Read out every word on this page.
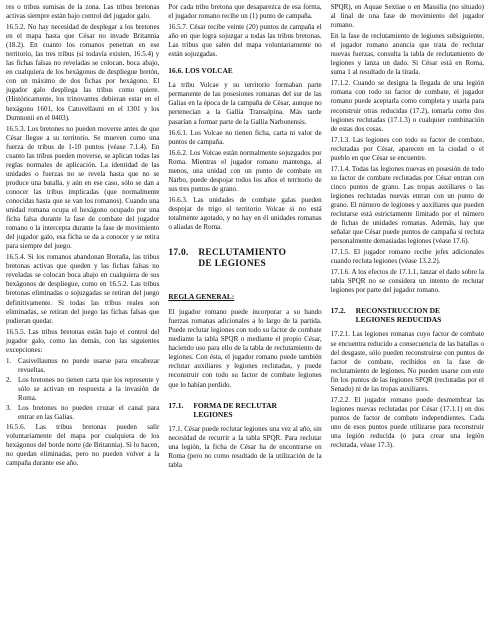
res o tribus sumisas de la zona. Las tribus bretonas activas siempre están bajo control del jugador galo.

16.5.2. No hay necesidad de desplegar a los bretones en el mapa hasta que César no invade Britannia (18.2). En cuanto los romanos penetran en ese territorio, las tres tribus (si todavía existen, 16.5.4) y las fichas falsas no reveladas se colocan, boca abajo, en cualquiera de los hexágonos de despliegue bretón, con un máximo de dos fichas por hexágono. El jugador galo despliega las tribus como quiere. (Históricamente, los trinovantes debieran estar en el hexágono 1601, los Catuvellauni en el 1301 y los Dumnonii en el 0403).

16.5.3. Los bretones no pueden moverse antes de que César llegue a su territorio. Se mueven como una fuerza de tribus de 1-10 puntos (véase 7.1.4). En cuanto las tribus pueden moverse, se aplican todas las reglas normales de aplicación. La identidad de las unidades o fuerzas no se revela hasta que no se produce una batalla, y aún en ese caso, sólo se dan a conocer las tribus implicadas (que normalmente conocidas hasta que se van los romanos). Cuando una unidad romana ocupa el hexágono ocupado por una ficha falsa durante la fase de combate del jugador romano o la intercepta durante la fase de movimiento del jugador galo, esa ficha se da a conocer y se retira para siempre del juego.

16.5.4. Si los romanos abandonan Bretaña, las tribus bretonas activas que queden y las fichas falsas no reveladas se colocan boca abajo en cualquiera de sus hexágonos de despliegue, como en 16.5.2. Las tribus bretonas eliminadas o sojuzgadas se retiran del juego definitivamente. Si todas las tribus reales son eliminadas, se retiran del juego las fichas falsas que pudieran quedar.

16.5.5. Las tribus bretonas están bajo el control del jugador galo, como las demás, con las siguientes excepciones:

1. Casivellaunus no puede usarse para encabezar revueltas.
2. Los bretones no tienen carta que los represente y sólo se activan en respuesta a la invasión de Roma.
3. Los bretones no pueden cruzar el canal para entrar en las Galias.

16.5.6. Las tribus bretonas pueden salir voluntariamente del mapa por cualquiera de los hexágonos del borde norte (de Britannia). Si lo hacen, no quedan eliminadas, pero no pueden volver a la campaña durante ese año.

Por cada tribu bretona que desaparezca de esa forma, el jugador romano recibe un (1) punto de campaña.

16.5.7. César recibe veinte (20) puntos de campaña el año en que logra sojuzgar a todas las tribus bretonas. Las tribus que salen del mapa voluntariamente no están sojuzgadas.

16.6. LOS VOLCAE

La tribu Volcae y su territorio formaban parte permanente de las posesiones romanas del sur de las Galias en la época de la campaña de César, aunque no pertenecían a la Gallia Transalpina. Más tarde pasarían a formar parte de la Gallia Narbonensis.

16.6.1. Los Volcae no tienen ficha, carta ni valor de puntos de campaña.

16.6.2. Los Volcae están normalmente sojuzgados por Roma. Mientras el jugador romano mantenga, al menos, una unidad con un punto de combate en Narbo, puede despojar todos los años el territorio de sus tres puntos de grano.

16.6.3. Las unidades de combate galas pueden despojar de trigo el territorio Volcae si no está totalmente agotado, y no hay en él unidades romanas o aliadas de Roma.

17.0. RECLUTAMIENTO
DE LEGIONES
REGLA GENERAL:

El jugador romano puede incorporar a su bando fuerzas romanas adicionales a lo largo de la partida. Puede reclutar legiones con todo su factor de combate mediante la tabla SPQR o mediante el propio César, haciendo uso para ello de la tabla de reclutamiento de legiones. Con ésta, el jugador romano puede también reclutar auxiliares y legiones reclutadas, y puede reconstruir con todo su factor de combate legiones que lo habían perdido.

17.1. FORMA DE RECLUTAR
LEGIONES

17.1. César puede reclutar legiones una vez al año, sin necesidad de recurrir a la tabla SPQR. Para reclutar una legión, la ficha de César ha de encontrarse en Roma (pero no como resultado de la utilización de la tabla

SPQR), en Aquae Sextiae o en Massilia (no situado) al final de una fase de movimiento del jugador romano.

En la fase de reclutamiento de legiones subsiguiente, el jugador romano anuncia que trata de reclutar nuevas fuerzas, consulta la tabla de reclutamiento de legiones y lanza un dado. Si César está en Roma, suma 1 al resultado de la tirada.

17.1.2. Cuando se designa la llegada de una legión romana con todo su factor de combate, el jugador romano puede aceptarla como completa y usarla para reconstruir otras reducidas (17.2), tomarla como dos legiones reclutadas (17.1.3) o cualquier combinación de estas dos cosas.

17.1.3. Las legiones con todo su factor de combate, reclutadas por César, aparecen en la ciudad o el pueblo en que César se encuentre.

17.1.4. Todas las legiones nuevas en posesión de todo su factor de combate reclutadas por César entran con cinco puntos de grano. Las tropas auxiliares o las legiones reclutadas nuevas entran con un punto de grano. El número de legiones y auxiliares que pueden reclutarse está estrictamente limitado por el número de fichas de unidades romanas. Además, hay que señalar que César puede puntos de campaña si recluta personalmente demasiadas legiones (véase 17.6).

17.1.5. El jugador romano recibe jefes adicionales cuando recluta legiones (véase 13.2.2).

17.1.6. A los efectos de 17.1.1, lanzar el dado sobre la tabla SPQR no se considera un intento de reclutar legiones por parte del jugador romano.

17.2. RECONSTRUCCION DE
LEGIONES REDUCIDAS

17.2.1. Las legiones romanas cuyo factor de combate se encuentra reducido a consecuencia de las batallas o del desgaste, sólo pueden reconstruirse con puntos de factor de combate, recibidos en la fase de reclutamiento de legiones. No pueden usarse con este fin los puntos de las legiones SPQR (reclutadas por el Senado) ni de las tropas auxiliares.

17.2.2. El jugador romano puede desmembrar las legiones nuevas reclutadas por César (17.1.1) en dos puntos de factor de combate independientes. Cada uno de esos puntos puede utilizarse para reconstruir una legión reducida (o para crear una legión reclutada, véase 17.3).
